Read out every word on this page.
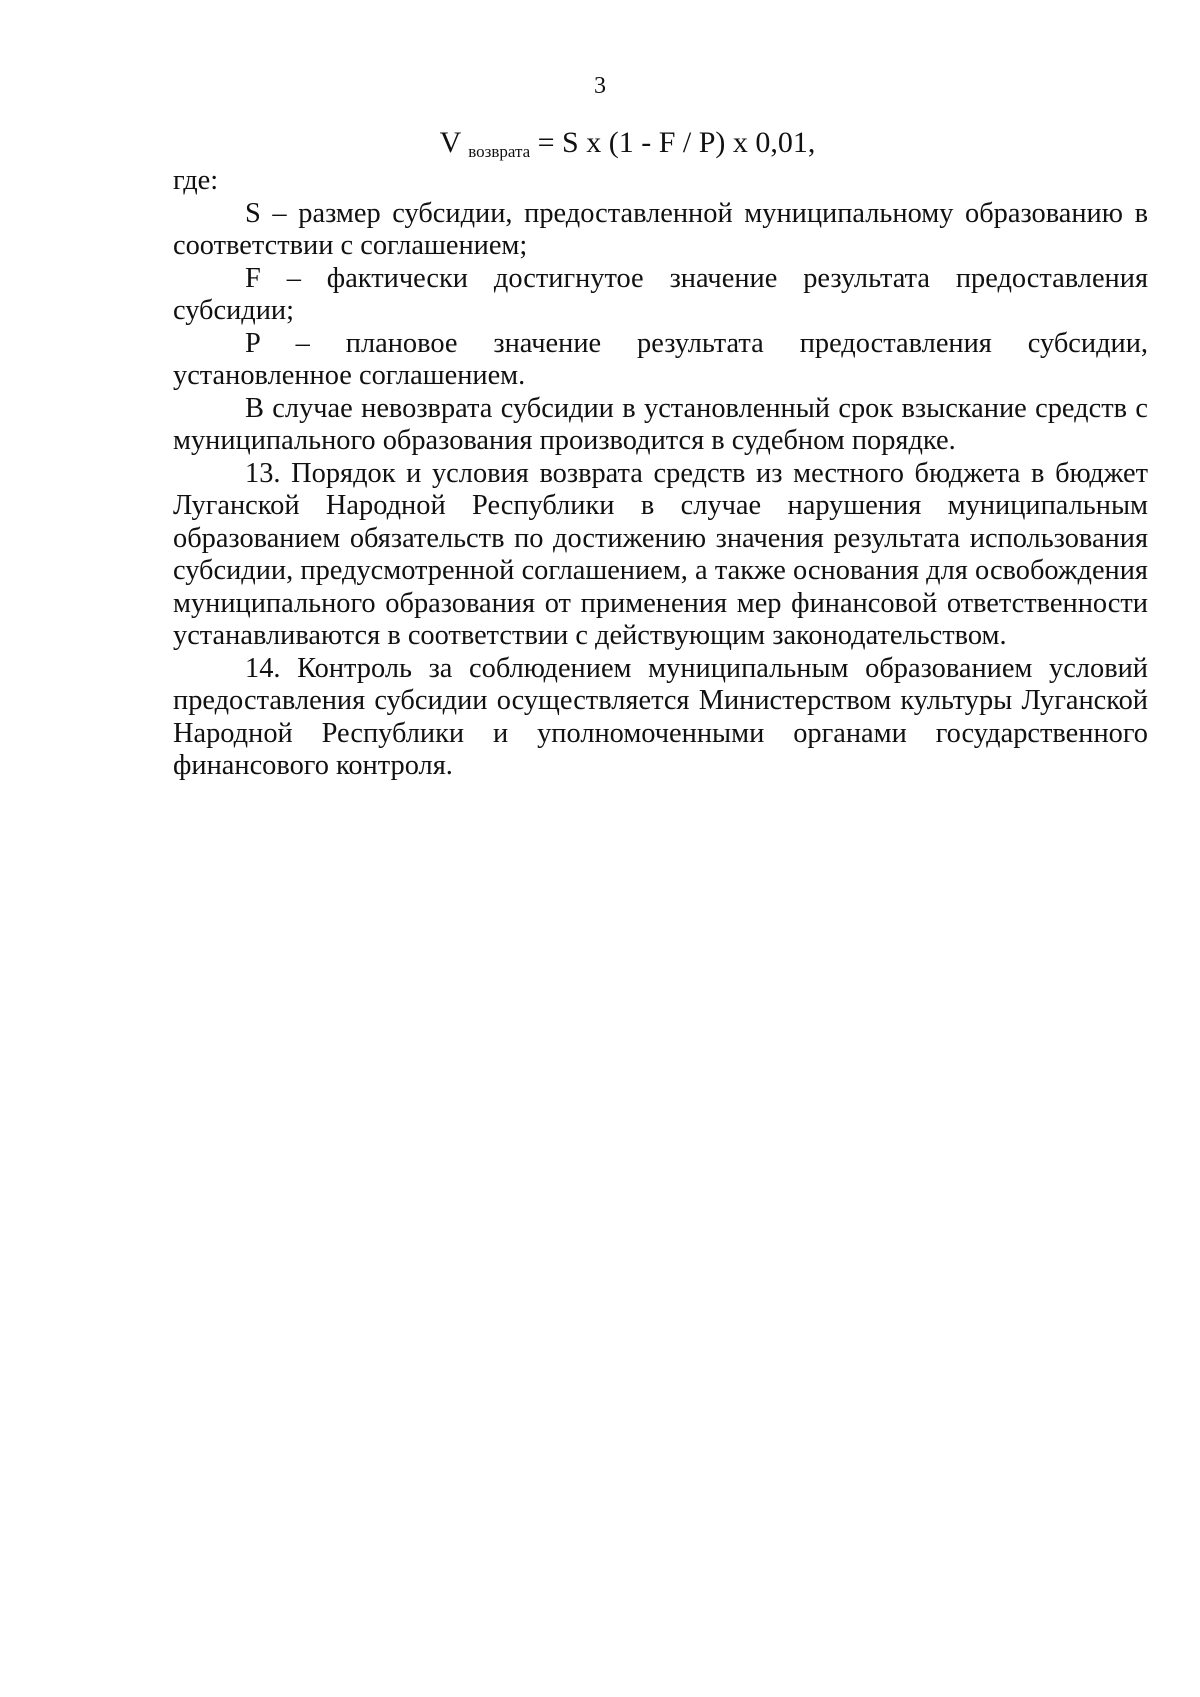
3
V $_{возврата}$ = S x (1 - F / P) x 0,01,

где:

S – размер субсидии, предоставленной муниципальному образованию в соответствии с соглашением;

F – фактически достигнутое значение результата предоставления субсидии;

P – плановое значение результата предоставления субсидии, установленное соглашением.

В случае невозврата субсидии в установленный срок взыскание средств с муниципального образования производится в судебном порядке.

13. Порядок и условия возврата средств из местного бюджета в бюджет Луганской Народной Республики в случае нарушения муниципальным образованием обязательств по достижению значения результата использования субсидии, предусмотренной соглашением, а также основания для освобождения муниципального образования от применения мер финансовой ответственности устанавливаются в соответствии с действующим законодательством.

14. Контроль за соблюдением муниципальным образованием условий предоставления субсидии осуществляется Министерством культуры Луганской Народной Республики и уполномоченными органами государственного финансового контроля.
